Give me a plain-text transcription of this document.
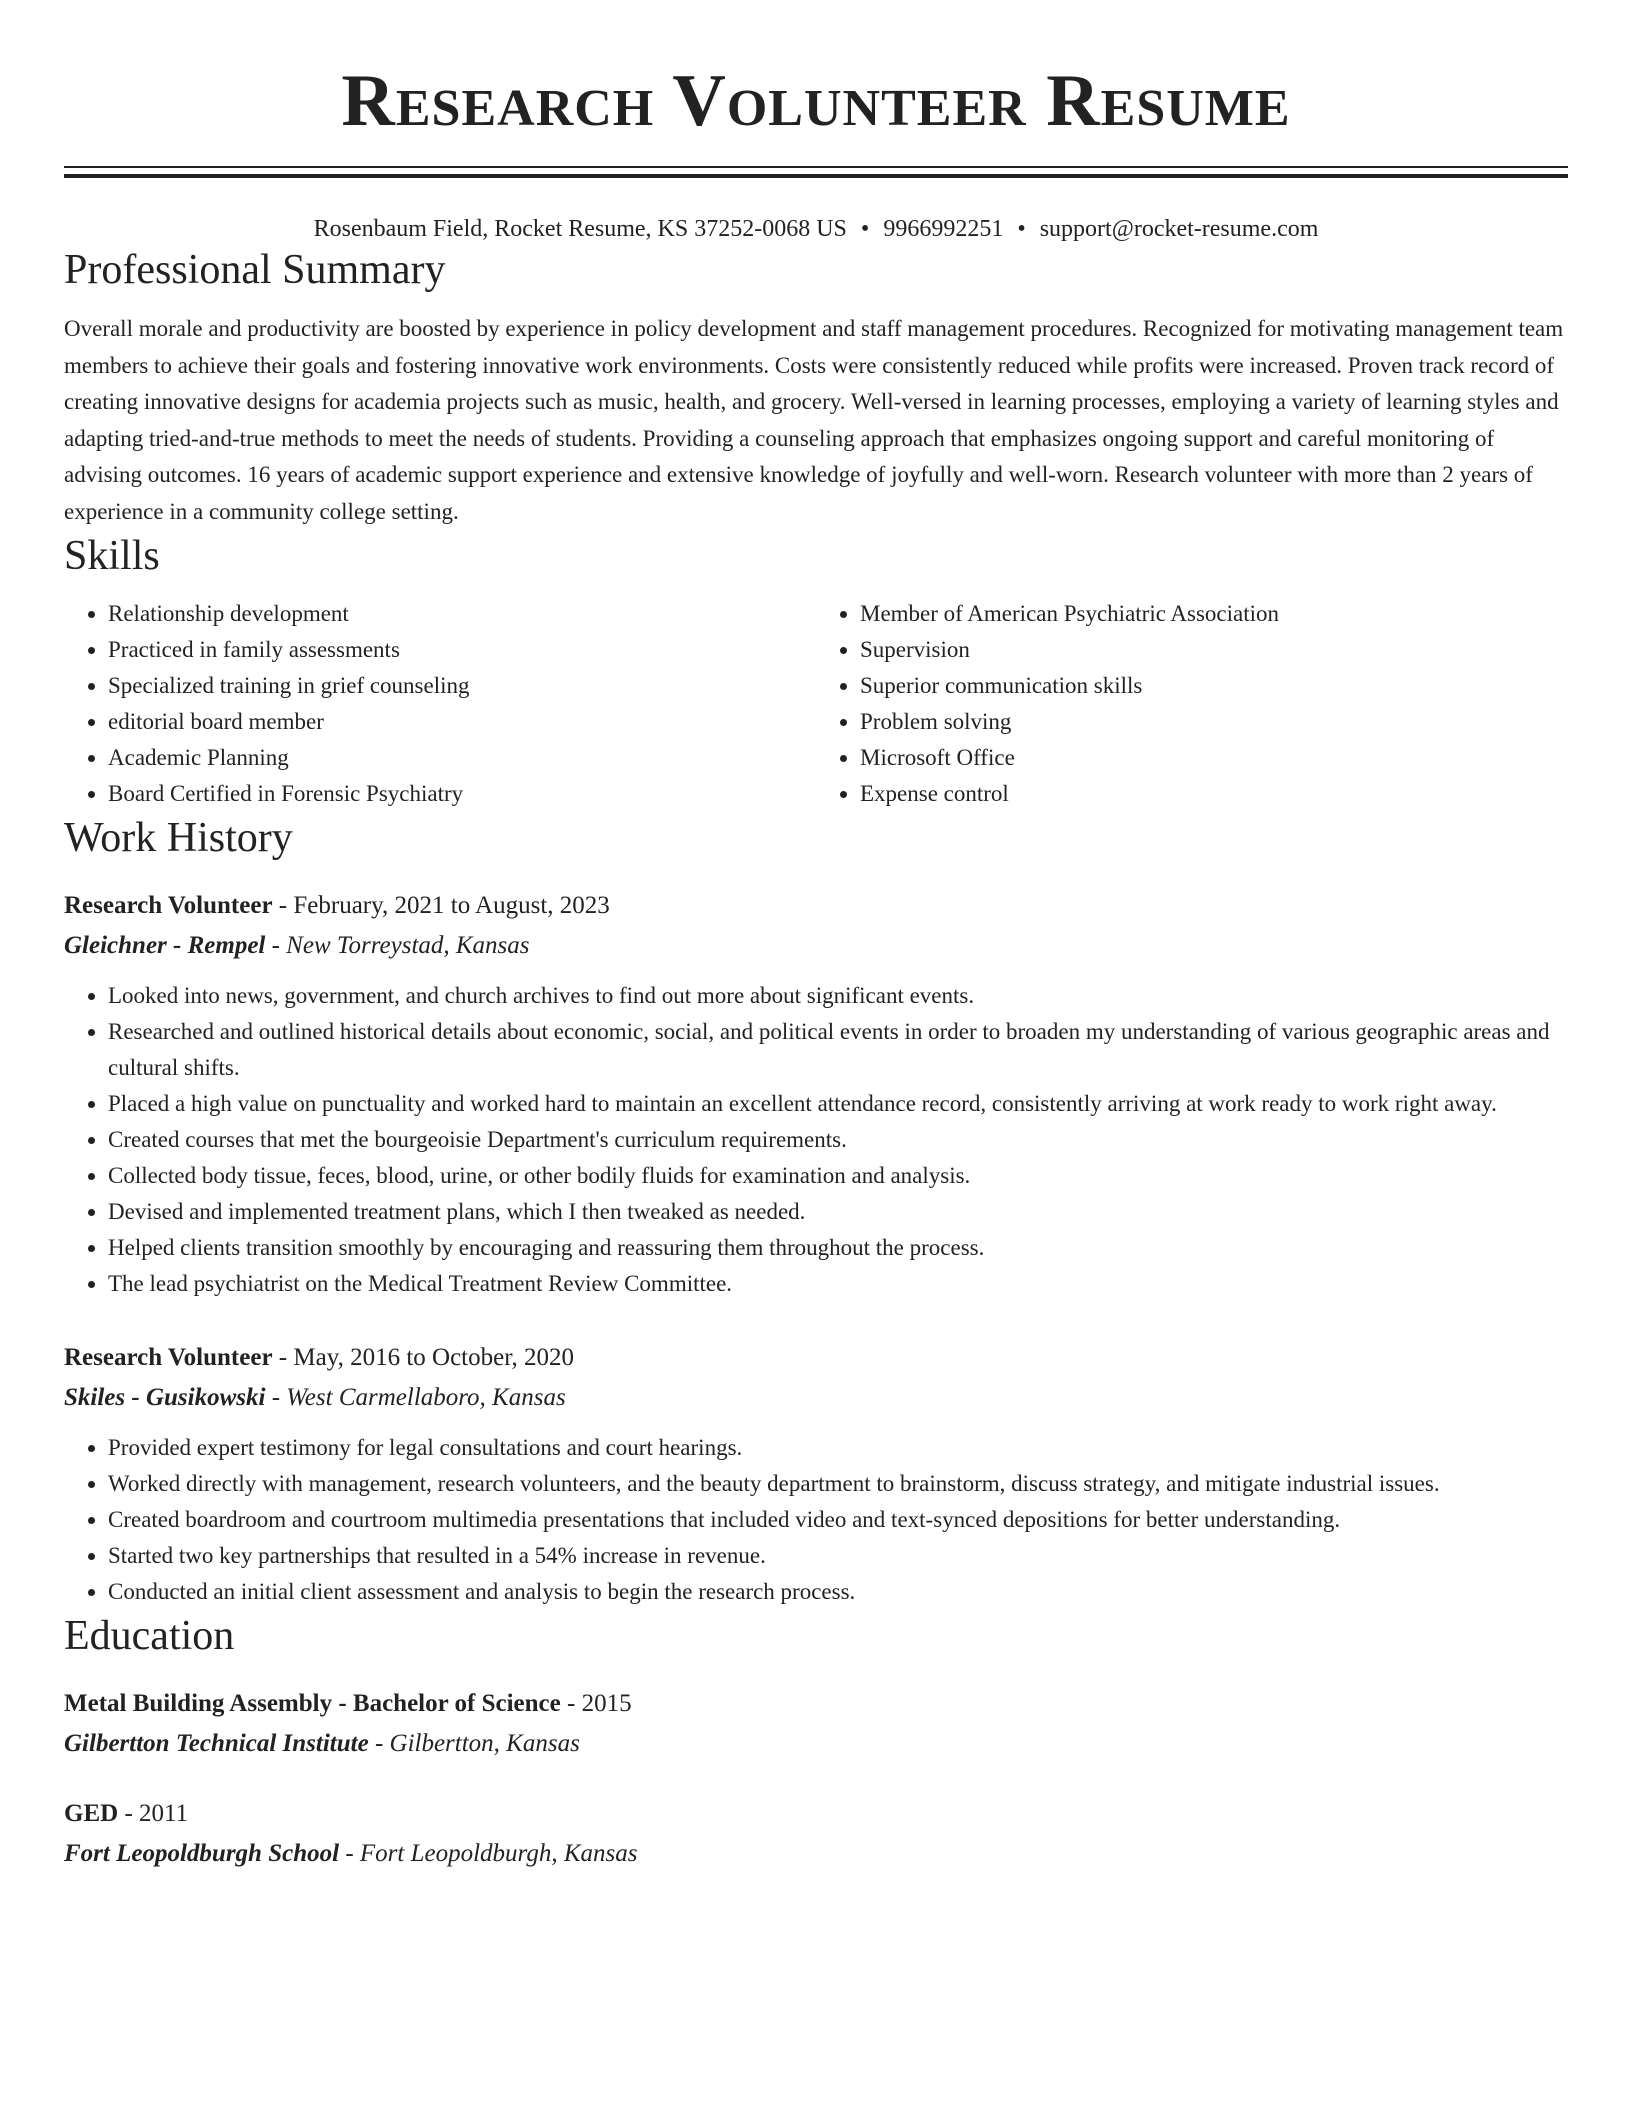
Research Volunteer Resume
Rosenbaum Field, Rocket Resume, KS 37252-0068 US • 9966992251 • support@rocket-resume.com
Professional Summary

Overall morale and productivity are boosted by experience in policy development and staff management procedures. Recognized for motivating management team members to achieve their goals and fostering innovative work environments. Costs were consistently reduced while profits were increased. Proven track record of creating innovative designs for academia projects such as music, health, and grocery. Well-versed in learning processes, employing a variety of learning styles and adapting tried-and-true methods to meet the needs of students. Providing a counseling approach that emphasizes ongoing support and careful monitoring of advising outcomes. 16 years of academic support experience and extensive knowledge of joyfully and well-worn. Research volunteer with more than 2 years of experience in a community college setting.

Skills
• Relationship development
• Practiced in family assessments
• Specialized training in grief counseling
• editorial board member
• Academic Planning
• Board Certified in Forensic Psychiatry
• Member of American Psychiatric Association
• Supervision
• Superior communication skills
• Problem solving
• Microsoft Office
• Expense control
Work History
Research Volunteer - February, 2021 to August, 2023
Gleichner - Rempel - New Torreystad, Kansas
• Looked into news, government, and church archives to find out more about significant events.
• Researched and outlined historical details about economic, social, and political events in order to broaden my understanding of various geographic areas and cultural shifts.
• Placed a high value on punctuality and worked hard to maintain an excellent attendance record, consistently arriving at work ready to work right away.
• Created courses that met the bourgeoisie Department's curriculum requirements.
• Collected body tissue, feces, blood, urine, or other bodily fluids for examination and analysis.
• Devised and implemented treatment plans, which I then tweaked as needed.
• Helped clients transition smoothly by encouraging and reassuring them throughout the process.
• The lead psychiatrist on the Medical Treatment Review Committee.
Research Volunteer - May, 2016 to October, 2020
Skiles - Gusikowski - West Carmellaboro, Kansas
• Provided expert testimony for legal consultations and court hearings.
• Worked directly with management, research volunteers, and the beauty department to brainstorm, discuss strategy, and mitigate industrial issues.
• Created boardroom and courtroom multimedia presentations that included video and text-synced depositions for better understanding.
• Started two key partnerships that resulted in a 54% increase in revenue.
• Conducted an initial client assessment and analysis to begin the research process.
Education
Metal Building Assembly - Bachelor of Science - 2015
Gilbertton Technical Institute - Gilbertton, Kansas
GED - 2011
Fort Leopoldburgh School - Fort Leopoldburgh, Kansas
